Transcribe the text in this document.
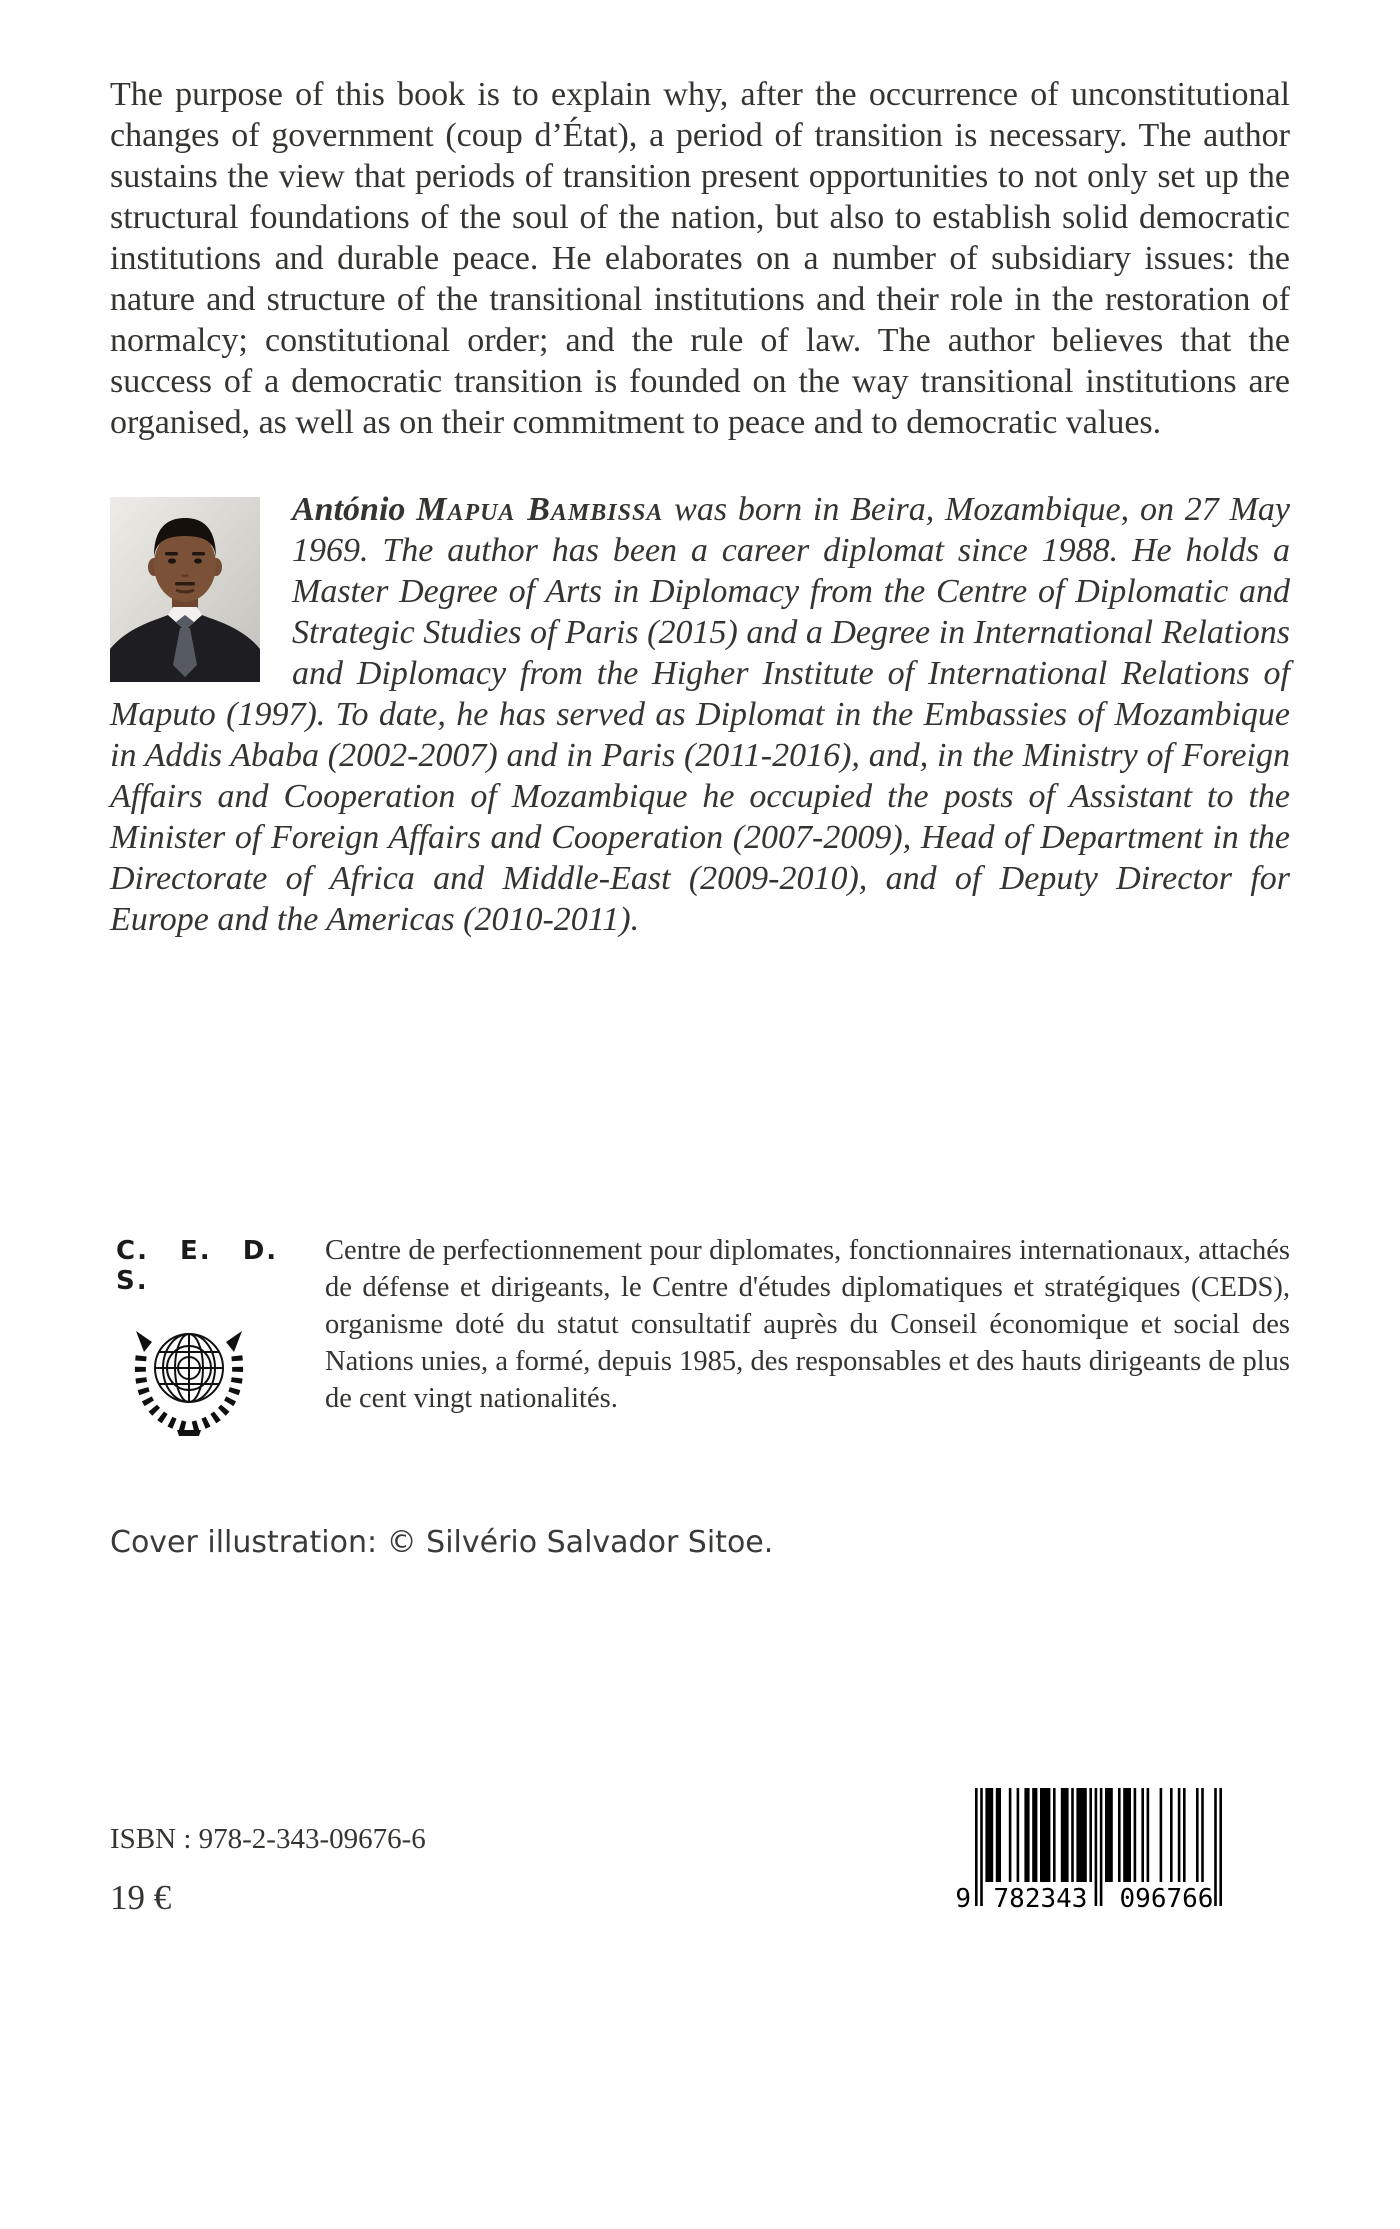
The purpose of this book is to explain why, after the occurrence of unconstitutional changes of government (coup d’État), a period of transition is necessary. The author sustains the view that periods of transition present opportunities to not only set up the structural foundations of the soul of the nation, but also to establish solid democratic institutions and durable peace. He elaborates on a number of subsidiary issues: the nature and structure of the transitional institutions and their role in the restoration of normalcy; constitutional order; and the rule of law. The author believes that the success of a democratic transition is founded on the way transitional institutions are organised, as well as on their commitment to peace and to democratic values.

António Mapua Bambissa was born in Beira, Mozambique, on 27 May 1969. The author has been a career diplomat since 1988. He holds a Master Degree of Arts in Diplomacy from the Centre of Diplomatic and Strategic Studies of Paris (2015) and a Degree in International Relations and Diplomacy from the Higher Institute of International Relations of Maputo (1997). To date, he has served as Diplomat in the Embassies of Mozambique in Addis Ababa (2002-2007) and in Paris (2011-2016), and, in the Ministry of Foreign Affairs and Cooperation of Mozambique he occupied the posts of Assistant to the Minister of Foreign Affairs and Cooperation (2007-2009), Head of Department in the Directorate of Africa and Middle-East (2009-2010), and of Deputy Director for Europe and the Americas (2010-2011).

C. E. D. S.

Centre de perfectionnement pour diplomates, fonctionnaires internationaux, attachés de défense et dirigeants, le Centre d'études diplomatiques et stratégiques (CEDS), organisme doté du statut consultatif auprès du Conseil économique et social des Nations unies, a formé, depuis 1985, des responsables et des hauts dirigeants de plus de cent vingt nationalités.

Cover illustration: © Silvério Salvador Sitoe.
ISBN : 978-2-343-09676-6
19 €	9 782343	096766
